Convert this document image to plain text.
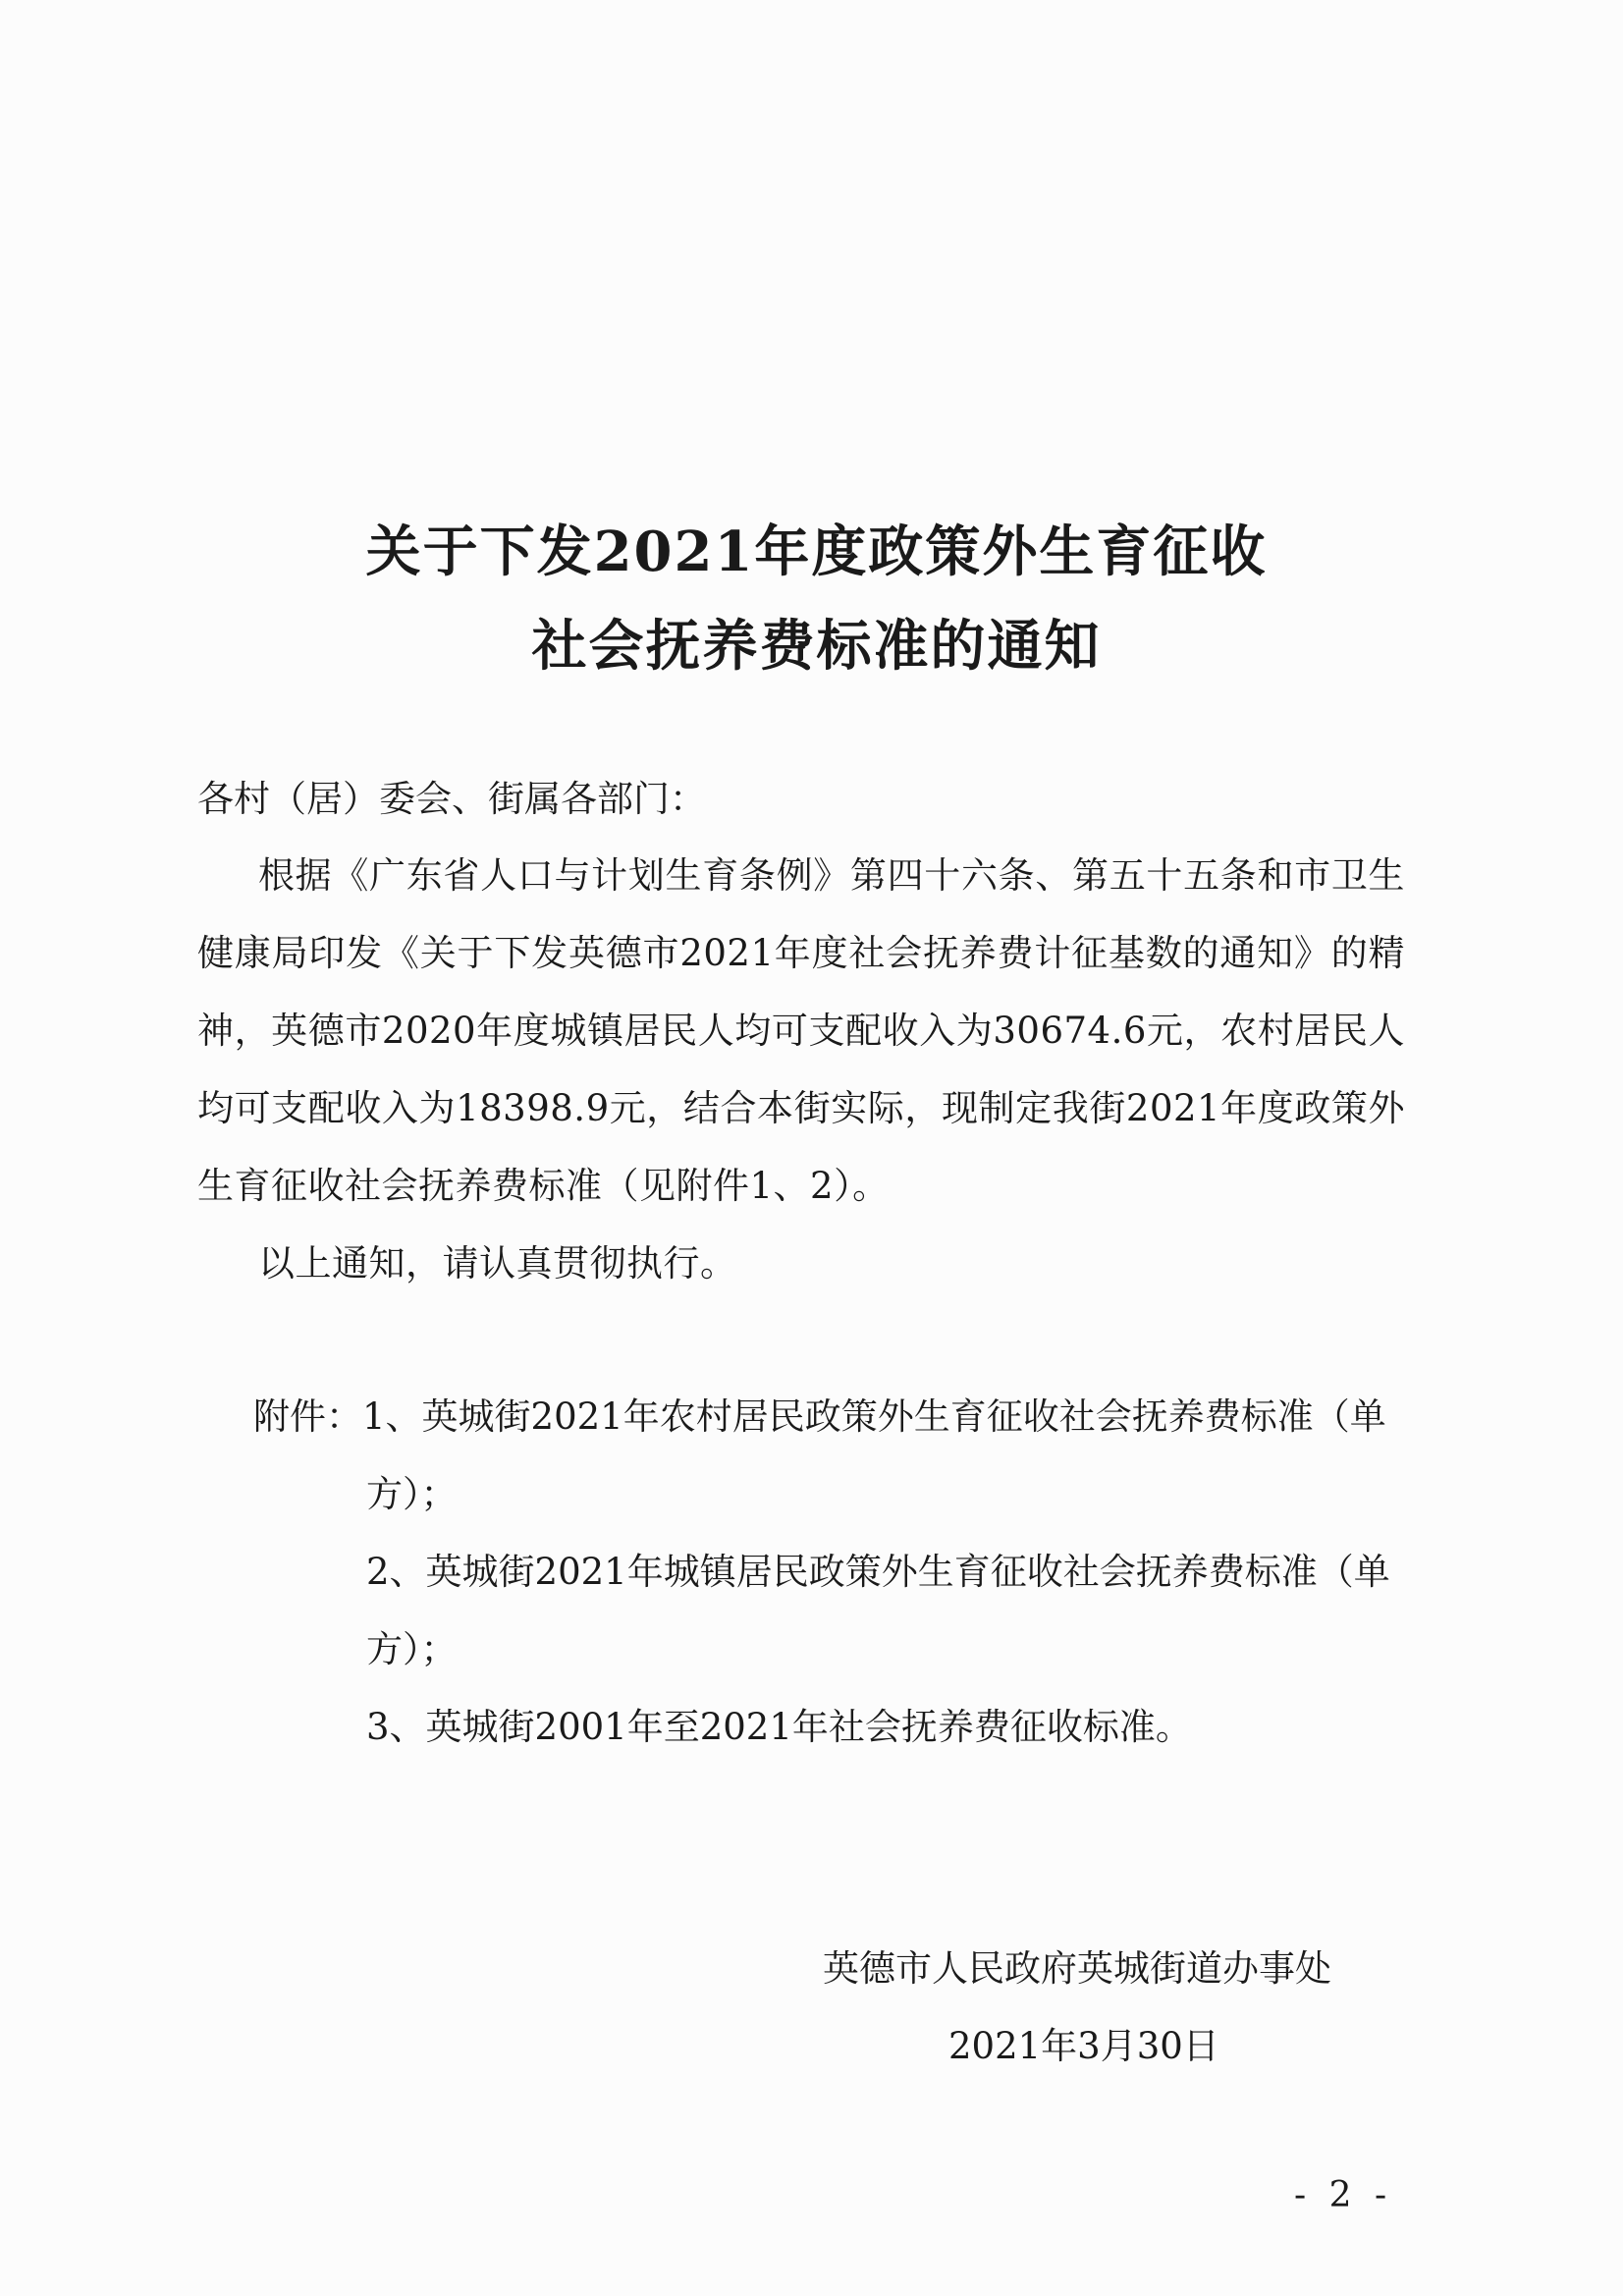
关于下发2021年度政策外生育征收
社会抚养费标准的通知
各村（居）委会、街属各部门：
根据《广东省人口与计划生育条例》第四十六条、第五十五条和市卫生健康局印发《关于下发英德市2021年度社会抚养费计征基数的通知》的精神，英德市2020年度城镇居民人均可支配收入为30674.6元，农村居民人均可支配收入为18398.9元，结合本街实际，现制定我街2021年度政策外生育征收社会抚养费标准（见附件1、2）。
以上通知，请认真贯彻执行。
附件：1、英城街2021年农村居民政策外生育征收社会抚养费标准（单
方）；
2、英城街2021年城镇居民政策外生育征收社会抚养费标准（单
方）；
3、英城街2001年至2021年社会抚养费征收标准。
英德市人民政府英城街道办事处
2021年3月30日
- 2 -
